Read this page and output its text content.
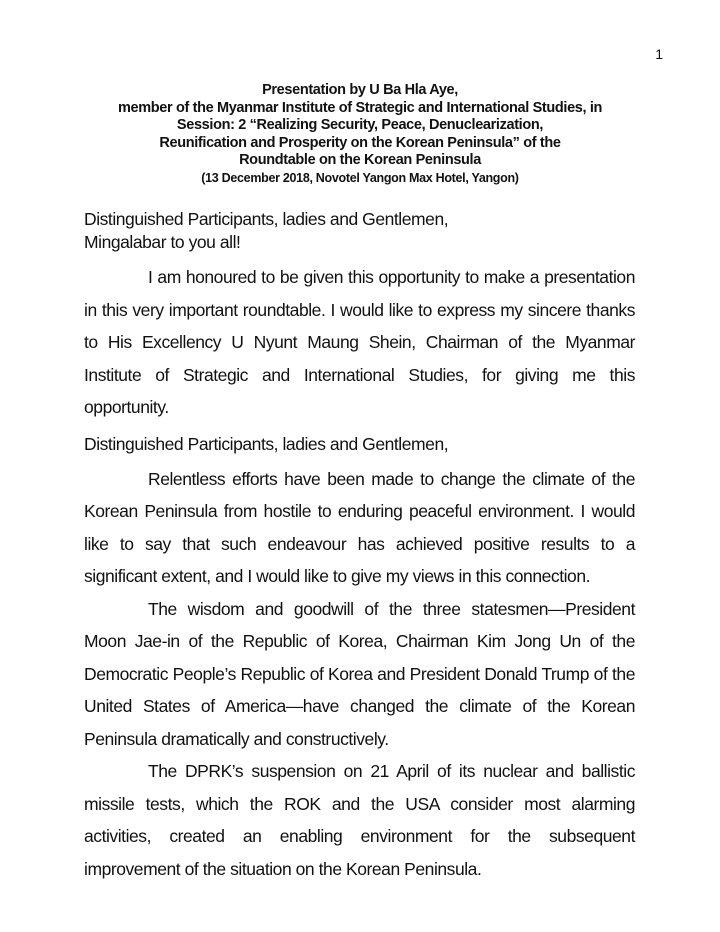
1
Presentation by U Ba Hla Aye,
member of the Myanmar Institute of Strategic and International Studies, in
Session: 2 “Realizing Security, Peace, Denuclearization,
Reunification and Prosperity on the Korean Peninsula” of the
Roundtable on the Korean Peninsula
(13 December 2018, Novotel Yangon Max Hotel, Yangon)

Distinguished Participants, ladies and Gentlemen,

Mingalabar to you all!

I am honoured to be given this opportunity to make a presentation in this very important roundtable. I would like to express my sincere thanks to His Excellency U Nyunt Maung Shein, Chairman of the Myanmar Institute of Strategic and International Studies, for giving me this opportunity.

Distinguished Participants, ladies and Gentlemen,

Relentless efforts have been made to change the climate of the Korean Peninsula from hostile to enduring peaceful environment. I would like to say that such endeavour has achieved positive results to a significant extent, and I would like to give my views in this connection.

The wisdom and goodwill of the three statesmen—President Moon Jae-in of the Republic of Korea, Chairman Kim Jong Un of the Democratic People’s Republic of Korea and President Donald Trump of the United States of America—have changed the climate of the Korean Peninsula dramatically and constructively.

The DPRK’s suspension on 21 April of its nuclear and ballistic missile tests, which the ROK and the USA consider most alarming activities, created an enabling environment for the subsequent improvement of the situation on the Korean Peninsula.
